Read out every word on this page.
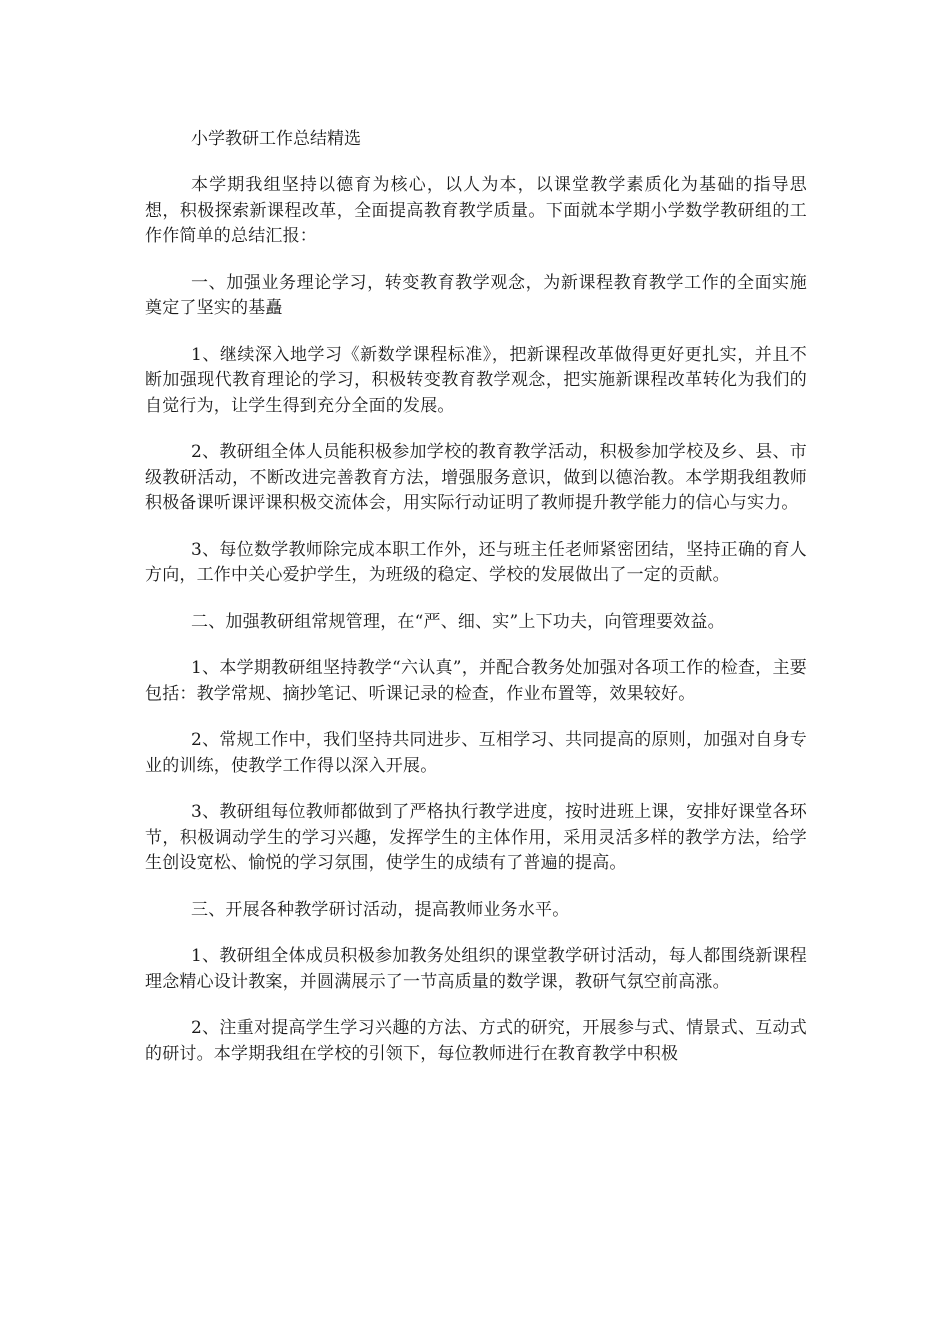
小学教研工作总结精选

本学期我组坚持以德育为核心，以人为本，以课堂教学素质化为基础的指导思想，积极探索新课程改革，全面提高教育教学质量。下面就本学期小学数学教研组的工作作简单的总结汇报：

一、加强业务理论学习，转变教育教学观念，为新课程教育教学工作的全面实施奠定了坚实的基矗

1、继续深入地学习《新数学课程标准》，把新课程改革做得更好更扎实，并且不断加强现代教育理论的学习，积极转变教育教学观念，把实施新课程改革转化为我们的自觉行为，让学生得到充分全面的发展。

2、教研组全体人员能积极参加学校的教育教学活动，积极参加学校及乡、县、市级教研活动，不断改进完善教育方法，增强服务意识，做到以德治教。本学期我组教师积极备课听课评课积极交流体会，用实际行动证明了教师提升教学能力的信心与实力。

3、每位数学教师除完成本职工作外，还与班主任老师紧密团结，坚持正确的育人方向，工作中关心爱护学生，为班级的稳定、学校的发展做出了一定的贡献。

二、加强教研组常规管理，在“严、细、实”上下功夫，向管理要效益。

1、本学期教研组坚持教学“六认真”，并配合教务处加强对各项工作的检查，主要包括：教学常规、摘抄笔记、听课记录的检查，作业布置等，效果较好。

2、常规工作中，我们坚持共同进步、互相学习、共同提高的原则，加强对自身专业的训练，使教学工作得以深入开展。

3、教研组每位教师都做到了严格执行教学进度，按时进班上课，安排好课堂各环节，积极调动学生的学习兴趣，发挥学生的主体作用，采用灵活多样的教学方法，给学生创设宽松、愉悦的学习氛围，使学生的成绩有了普遍的提高。

三、开展各种教学研讨活动，提高教师业务水平。

1、教研组全体成员积极参加教务处组织的课堂教学研讨活动，每人都围绕新课程理念精心设计教案，并圆满展示了一节高质量的数学课，教研气氛空前高涨。

2、注重对提高学生学习兴趣的方法、方式的研究，开展参与式、情景式、互动式的研讨。本学期我组在学校的引领下，每位教师进行在教育教学中积极
